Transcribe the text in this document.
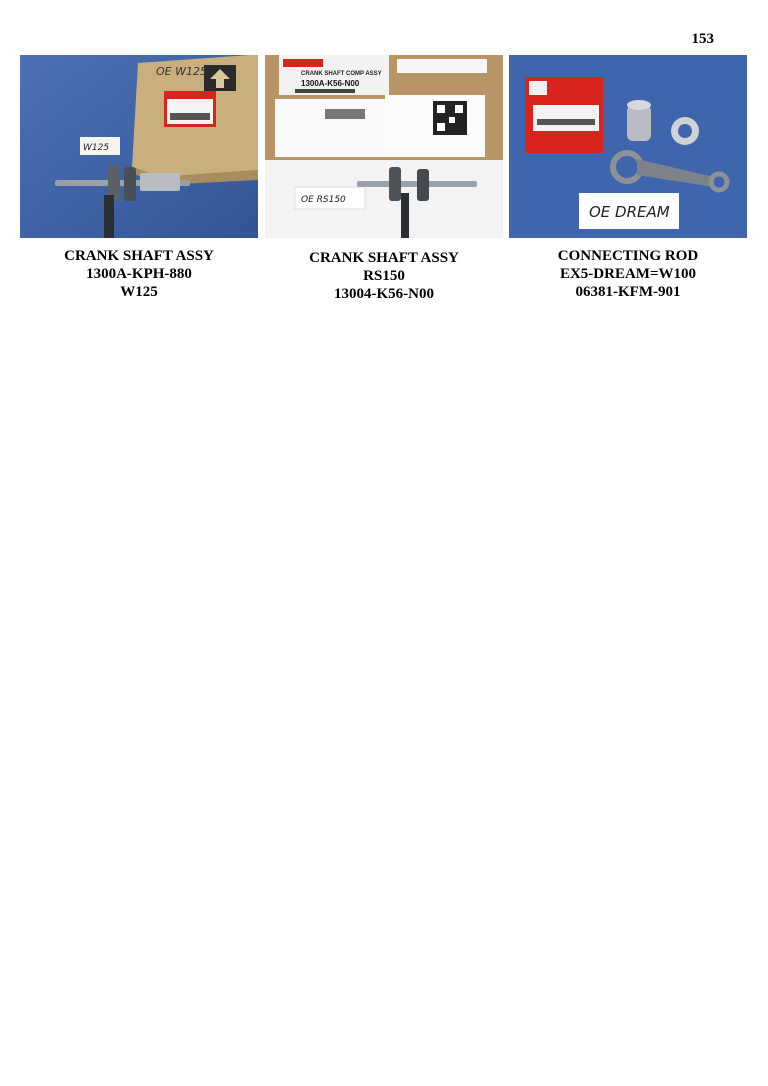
153
OE W125
W125
CRANK SHAFT COMP ASSY
1300A-K56-N00
OE RS150
OE DREAM
CRANK SHAFT ASSY
1300A-KPH-880
W125
CRANK SHAFT ASSY
RS150
13004-K56-N00
CONNECTING ROD
EX5-DREAM=W100
06381-KFM-901
